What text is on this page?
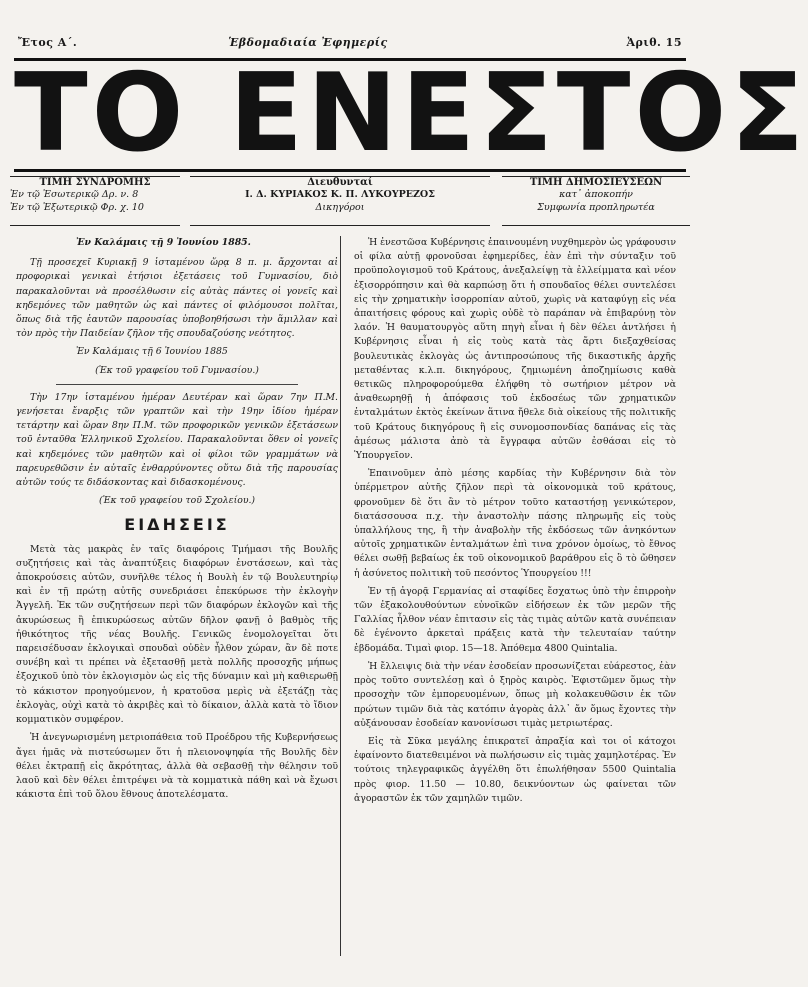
Ἔτος Α΄.	Ἑβδομαδιαία Ἐφημερίς	Ἀριθ. 15
ΤΟ ΕΝΕΣΤΟΣ
ΤΙΜΗ ΣΥΝΔΡΟΜΗΣ
Ἐν τῷ Ἐσωτερικῷ Δρ. ν. 8
Ἐν τῷ Ἐξωτερικῷ Φρ. χ. 10
Διευθυνταί
Ι. Δ. ΚΥΡΙΑΚΟΣ Κ. Π. ΛΥΚΟΥΡΕΖΟΣ
Δικηγόροι
ΤΙΜΗ ΔΗΜΟΣΙΕΥΣΕΩΝ
κατ᾽ ἀποκοπήν
Συμφωνία προπληρωτέα

Ἐν Καλάμαις τῇ 9 Ἰουνίου 1885.

Τῇ προσεχεῖ Κυριακῇ 9 ἱσταμένου ὥρᾳ 8 π. μ. ἄρχονται αἱ προφορικαὶ γενικαὶ ἐτήσιοι ἐξετάσεις τοῦ Γυμνασίου, διὸ παρακαλοῦνται νὰ προσέλθωσιν εἰς αὐτὰς πάντες οἱ γονεῖς καὶ κηδεμόνες τῶν μαθητῶν ὡς καὶ πάντες οἱ φιλόμουσοι πολῖται, ὅπως διὰ τῆς ἑαυτῶν παρουσίας ὑποβοηθήσωσι τὴν ἅμιλλαν καὶ τὸν πρὸς τὴν Παιδείαν ζῆλον τῆς σπουδαζούσης νεότητος.

Ἐν Καλάμαις τῇ 6 Ἰουνίου 1885

(Ἐκ τοῦ γραφείου τοῦ Γυμνασίου.)

Τὴν 17ην ἱσταμένου ἡμέραν Δευτέραν καὶ ὥραν 7ην Π.Μ. γενήσεται ἔναρξις τῶν γραπτῶν καὶ τὴν 19ην ἰδίου ἡμέραν τετάρτην καὶ ὥραν 8ην Π.Μ. τῶν προφορικῶν γενικῶν ἐξετάσεων τοῦ ἐνταῦθα Ἑλληνικοῦ Σχολείου. Παρακαλοῦνται ὅθεν οἱ γονεῖς καὶ κηδεμόνες τῶν μαθητῶν καὶ οἱ φίλοι τῶν γραμμάτων νὰ παρευρεθῶσιν ἐν αὐταῖς ἐνθαρρύνοντες οὕτω διὰ τῆς παρουσίας αὐτῶν τούς τε διδάσκοντας καὶ διδασκομένους.

(Ἐκ τοῦ γραφείου τοῦ Σχολείου.)

ΕΙΔΗΣΕΙΣ

Μετὰ τὰς μακρὰς ἐν ταῖς διαφόροις Τμήμασι τῆς Βουλῆς συζητήσεις καὶ τὰς ἀναπτύξεις διαφόρων ἐνστάσεων, καὶ τὰς ἀποκρούσεις αὐτῶν, συνῆλθε τέλος ἡ Βουλὴ ἐν τῷ Βουλευτηρίῳ καὶ ἐν τῇ πρώτῃ αὐτῆς συνεδριάσει ἐπεκύρωσε τὴν ἐκλογὴν Ἀγγελῆ. Ἐκ τῶν συζητήσεων περὶ τῶν διαφόρων ἐκλογῶν καὶ τῆς ἀκυρώσεως ἢ ἐπικυρώσεως αὐτῶν δῆλον φανῇ ὁ βαθμὸς τῆς ἠθικότητος τῆς νέας Βουλῆς. Γενικῶς ἐνομολογεῖται ὅτι παρεισέδυσαν ἐκλογικαὶ σπουδαὶ οὐδὲν ἦλθον χώραν, ἂν δὲ ποτε συνέβη καὶ τι πρέπει νὰ ἐξετασθῇ μετὰ πολλῆς προσοχῆς μήπως ἐξοχικοῦ ὑπὸ τὸν ἐκλογισμὸν ὡς εἰς τῆς δύναμιν καὶ μὴ καθιερωθῇ τὸ κάκιστον προηγούμενον, ἡ κρατοῦσα μερὶς νὰ ἐξετάζῃ τὰς ἐκλογὰς, οὐχὶ κατὰ τὸ ἀκριβὲς καὶ τὸ δίκαιον, ἀλλὰ κατὰ τὸ ἴδιον κομματικὸν συμφέρον.

Ἡ ἀνεγνωρισμένη μετριοπάθεια τοῦ Προέδρου τῆς Κυβερνήσεως ἄγει ἡμᾶς νὰ πιστεύσωμεν ὅτι ἡ πλειονοψηφία τῆς Βουλῆς δὲν θέλει ἐκτραπῇ εἰς ἄκρότητας, ἀλλὰ θὰ σεβασθῇ τὴν θέλησιν τοῦ λαοῦ καὶ δὲν θέλει ἐπιτρέψει νὰ τὰ κομματικὰ πάθη καὶ νὰ ἔχωσι κάκιστα ἐπὶ τοῦ ὅλου ἔθνους ἀποτελέσματα.

Ἡ ἐνεστῶσα Κυβέρνησις ἐπαινουμένη νυχθημερὸν ὡς γράφουσιν οἱ φίλα αὐτῇ φρονοῦσαι ἐφημερίδες, ἐὰν ἐπὶ τὴν σύνταξιν τοῦ προϋπολογισμοῦ τοῦ Κράτους, ἀνεξαλείψῃ τὰ ἐλλείμματα καὶ νέον ἐξισορρόπησιν καὶ θὰ καρπώσῃ ὅτι ἡ σπουδαῖος θέλει συντελέσει εἰς τὴν χρηματικὴν ἰσορροπίαν αὐτοῦ, χωρὶς νὰ καταφύγῃ εἰς νέα ἀπαιτήσεις φόρους καὶ χωρὶς οὐδὲ τὸ παράπαν νὰ ἐπιβαρύνῃ τὸν λαόν. Ἡ θαυματουργὸς αὕτη πηγὴ εἶναι ἡ δὲν θέλει ἀντλήσει ἡ Κυβέρνησις εἶναι ἡ εἰς τοὺς κατὰ τὰς ἄρτι διεξαχθείσας βουλευτικὰς ἐκλογὰς ὡς ἀντιπροσώπους τῆς δικαστικῆς ἀρχῆς μεταθέντας κ.λ.π. δικηγόρους, ζημιωμένη ἀποζημίωσις καθὰ θετικῶς πληροφορούμεθα ἐλήφθη τὸ σωτήριον μέτρον νὰ ἀναθεωρηθῇ ἡ ἀπόφασις τοῦ ἐκδοσέως τῶν χρηματικῶν ἐνταλμάτων ἐκτὸς ἐκείνων ἅτινα ἤθελε διὰ οἰκείους τῆς πολιτικῆς τοῦ Κράτους δικηγόρους ἢ εἰς συνομοσπονδίας δαπάνας εἰς τὰς ἀμέσως μάλιστα ἀπὸ τὰ ἔγγραφα αὐτῶν ἐσθάσαι εἰς τὸ Ὑπουργεῖον.

Ἐπαινοῦμεν ἀπὸ μέσης καρδίας τὴν Κυβέρνησιν διὰ τὸν ὑπέρμετρον αὐτῆς ζῆλον περὶ τὰ οἰκονομικὰ τοῦ κράτους, φρονοῦμεν δὲ ὅτι ἂν τὸ μέτρον τοῦτο καταστήσῃ γενικώτερον, διατάσσουσα π.χ. τὴν ἀναστολὴν πάσης πληρωμῆς εἰς τοὺς ὑπαλλήλους της, ἢ τὴν ἀναβολὴν τῆς ἐκδόσεως τῶν ἀνηκόντων αὐτοῖς χρηματικῶν ἐνταλμάτων ἐπὶ τινα χρόνον ὁμοίως, τὸ ἔθνος θέλει σωθῇ βεβαίως ἐκ τοῦ οἰκονομικοῦ βαράθρου εἰς ὃ τὸ ὤθησεν ἡ ἀσύνετος πολιτικὴ τοῦ πεσόντος Ὑπουργείου !!!

Ἐν τῇ ἀγορᾷ Γερμανίας αἱ σταφίδες ἔσχατως ὑπὸ τὴν ἐπιρροὴν τῶν ἐξακολουθούντων εὐνοϊκῶν εἰδήσεων ἐκ τῶν μερῶν τῆς Γαλλίας ἦλθον νέαν ἐπιτασιν εἰς τὰς τιμὰς αὐτῶν κατὰ συνέπειαν δὲ ἐγένοντο ἀρκεταὶ πράξεις κατὰ τὴν τελευταίαν ταύτην ἑβδομάδα. Τιμαὶ φιορ. 15—18. Ἀπόθεμα 4800 Quintalia.

Ἡ ἔλλειψις διὰ τὴν νέαν ἐσοδείαν προσωνίζεται εὐάρεστος, ἐὰν πρὸς τοῦτο συντελέσῃ καὶ ὁ ξηρὸς καιρὸς. Ἐφιστῶμεν ὅμως τὴν προσοχὴν τῶν ἐμπορευομένων, ὅπως μὴ κολακευθῶσιν ἐκ τῶν πρώτων τιμῶν διὰ τὰς κατόπιν ἀγορὰς ἀλλ᾽ ἄν ὅμως ἔχοντες τὴν αὐξάνουσαν ἐσοδείαν κανονίσωσι τιμὰς μετριωτέρας.

Εἰς τὰ Σῦκα μεγάλης ἐπικρατεῖ ἀπραξία καὶ τοι οἱ κάτοχοι ἐφαίνοντο διατεθειμένοι νὰ πωλήσωσιν εἰς τιμὰς χαμηλοτέρας. Ἐν τούτοις τηλεγραφικῶς ἀγγέλθη ὅτι ἐπωλήθησαν 5500 Quintalia πρὸς φιορ. 11.50 — 10.80, δεικνύοντων ὡς φαίνεται τῶν ἀγοραστῶν ἐκ τῶν χαμηλῶν τιμῶν.
